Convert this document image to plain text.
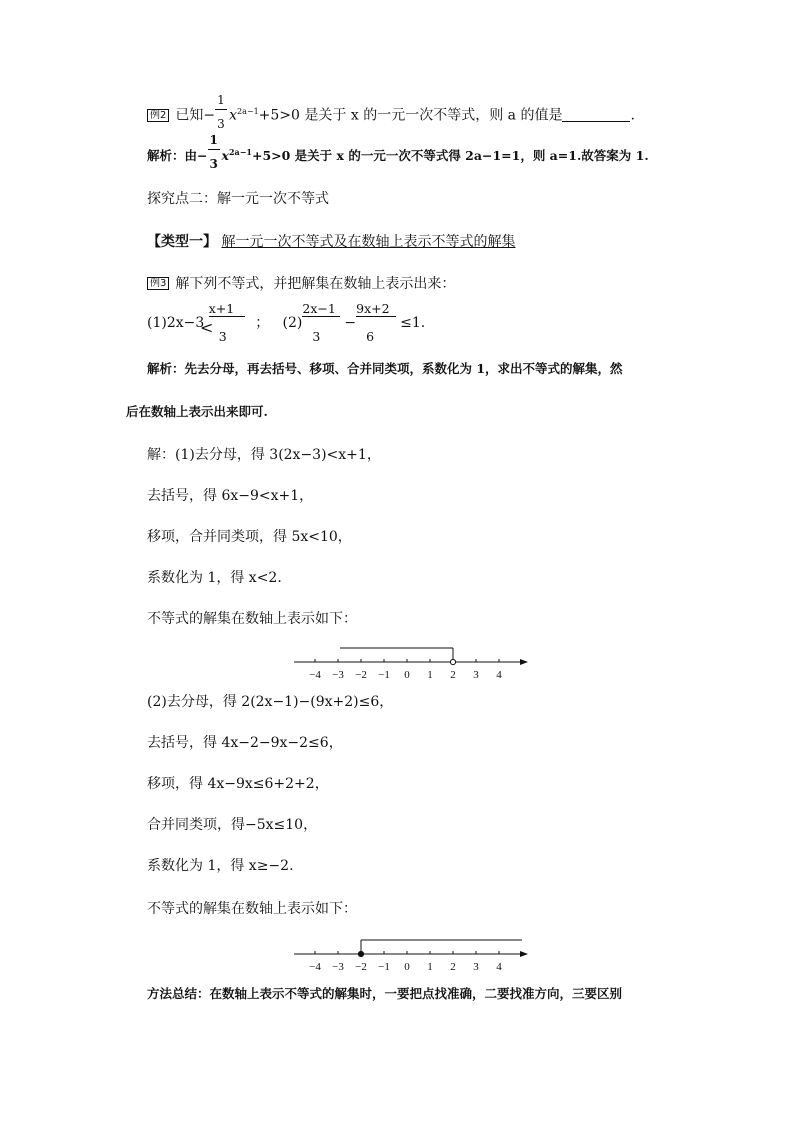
例2 已知− $\frac{1}{3} x^{2a-1}+5>0$ 是关于 x 的一元一次不等式，则 a 的值是	.
解析：由− $\frac{1}{3} x^{2a-1}+5>0$ 是关于 x 的一元一次不等式得 2a−1=1，则 a=1.故答案为 1.
探究点二：解一元一次不等式
【类型一】 解一元一次不等式及在数轴上表示不等式的解集
例3 解下列不等式，并把解集在数轴上表示出来：
$(1)2x-3 \frac{x+1}{3}$ ； $(2) \frac{2x-1}{3} - \frac{9x+2}{6} \le 1$.
<
解析：先去分母，再去括号、移项、合并同类项，系数化为 1，求出不等式的解集，然
后在数轴上表示出来即可.
解：(1)去分母，得 3(2x−3)<x+1，
去括号，得 6x−9<x+1，
移项，合并同类项，得 5x<10，
系数化为 1，得 x<2.
不等式的解集在数轴上表示如下：
−4 −3 −2 −1 0 1 2 3 4
(2)去分母，得 2(2x−1)−(9x+2)≤6，
去括号，得 4x−2−9x−2≤6，
移项，得 4x−9x≤6+2+2，
合并同类项，得−5x≤10，
系数化为 1，得 x≥−2.
不等式的解集在数轴上表示如下：
−4 −3 −2 −1 0 1 2 3 4
方法总结：在数轴上表示不等式的解集时，一要把点找准确，二要找准方向，三要区别
